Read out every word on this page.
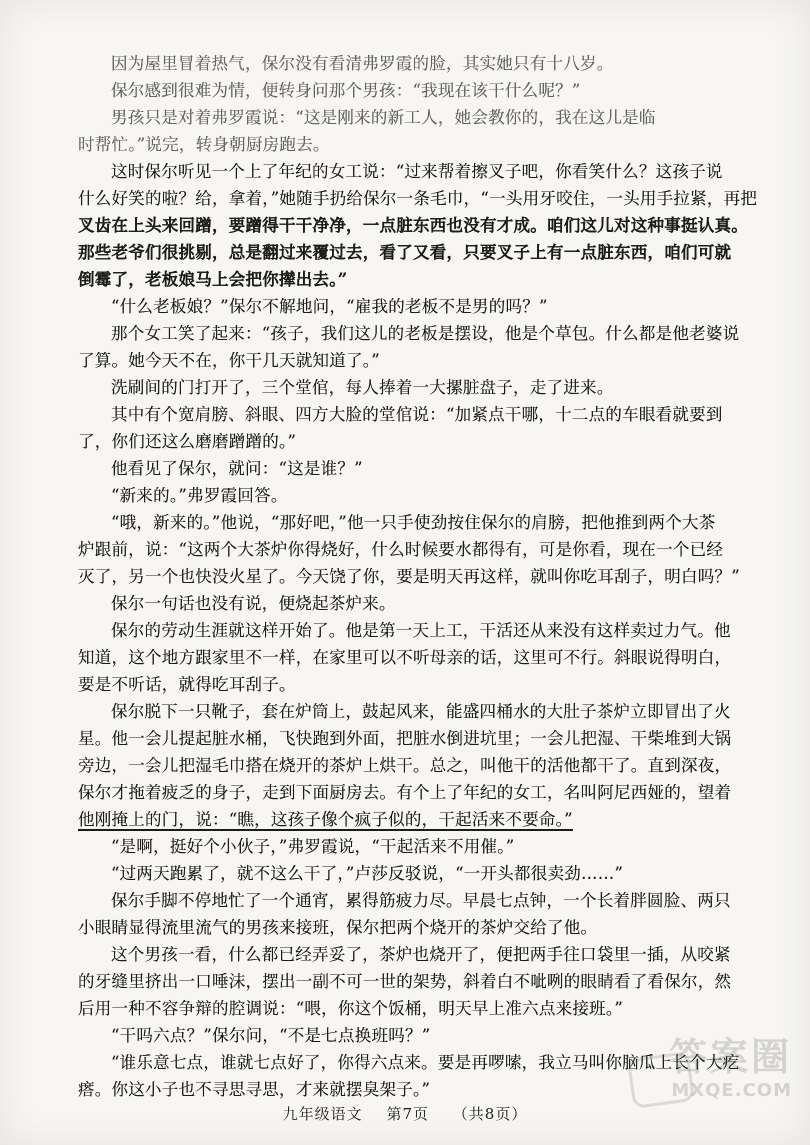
因为屋里冒着热气，保尔没有看清弗罗霞的脸，其实她只有十八岁。
保尔感到很难为情，便转身问那个男孩：“我现在该干什么呢？”
男孩只是对着弗罗霞说：“这是刚来的新工人，她会教你的，我在这儿是临
时帮忙。”说完，转身朝厨房跑去。
这时保尔听见一个上了年纪的女工说：“过来帮着擦叉子吧，你看笑什么？这孩子说
什么好笑的啦？给，拿着，”她随手扔给保尔一条毛巾，“一头用牙咬住，一头用手拉紧，再把
叉齿在上头来回蹭，要蹭得干干净净，一点脏东西也没有才成。咱们这儿对这种事挺认真。
那些老爷们很挑剔，总是翻过来覆过去，看了又看，只要叉子上有一点脏东西，咱们可就
倒霉了，老板娘马上会把你撵出去。”
“什么老板娘？”保尔不解地问，“雇我的老板不是男的吗？”
那个女工笑了起来：“孩子，我们这儿的老板是摆设，他是个草包。什么都是他老婆说
了算。她今天不在，你干几天就知道了。”
洗刷间的门打开了，三个堂倌，每人捧着一大摞脏盘子，走了进来。
其中有个宽肩膀、斜眼、四方大脸的堂倌说：“加紧点干哪，十二点的车眼看就要到
了，你们还这么磨磨蹭蹭的。”
他看见了保尔，就问：“这是谁？”
“新来的。”弗罗霞回答。
“哦，新来的。”他说，“那好吧，”他一只手使劲按住保尔的肩膀，把他推到两个大茶
炉跟前，说：“这两个大茶炉你得烧好，什么时候要水都得有，可是你看，现在一个已经
灭了，另一个也快没火星了。今天饶了你，要是明天再这样，就叫你吃耳刮子，明白吗？”
保尔一句话也没有说，便烧起茶炉来。
保尔的劳动生涯就这样开始了。他是第一天上工，干活还从来没有这样卖过力气。他
知道，这个地方跟家里不一样，在家里可以不听母亲的话，这里可不行。斜眼说得明白，
要是不听话，就得吃耳刮子。
保尔脱下一只靴子，套在炉筒上，鼓起风来，能盛四桶水的大肚子茶炉立即冒出了火
星。他一会儿提起脏水桶，飞快跑到外面，把脏水倒进坑里；一会儿把湿、干柴堆到大锅
旁边，一会儿把湿毛巾搭在烧开的茶炉上烘干。总之，叫他干的活他都干了。直到深夜，
保尔才拖着疲乏的身子，走到下面厨房去。有个上了年纪的女工，名叫阿尼西娅的，望着
他刚掩上的门，说：“瞧，这孩子像个疯子似的，干起活来不要命。”
“是啊，挺好个小伙子，”弗罗霞说，“干起活来不用催。”
“过两天跑累了，就不这么干了，”卢莎反驳说，“一开头都很卖劲……”
保尔手脚不停地忙了一个通宵，累得筋疲力尽。早晨七点钟，一个长着胖圆脸、两只
小眼睛显得流里流气的男孩来接班，保尔把两个烧开的茶炉交给了他。
这个男孩一看，什么都已经弄妥了，茶炉也烧开了，便把两手往口袋里一插，从咬紧
的牙缝里挤出一口唾沫，摆出一副不可一世的架势，斜着白不呲咧的眼睛看了看保尔，然
后用一种不容争辩的腔调说：“喂，你这个饭桶，明天早上准六点来接班。”
“干吗六点？”保尔问，“不是七点换班吗？”
“谁乐意七点，谁就七点好了，你得六点来。要是再啰嗦，我立马叫你脑瓜上长个大疙
瘩。你这小子也不寻思寻思，才来就摆臭架子。”
九年级语文 第7页 （共8页）
答案圈
MXQE.COM
